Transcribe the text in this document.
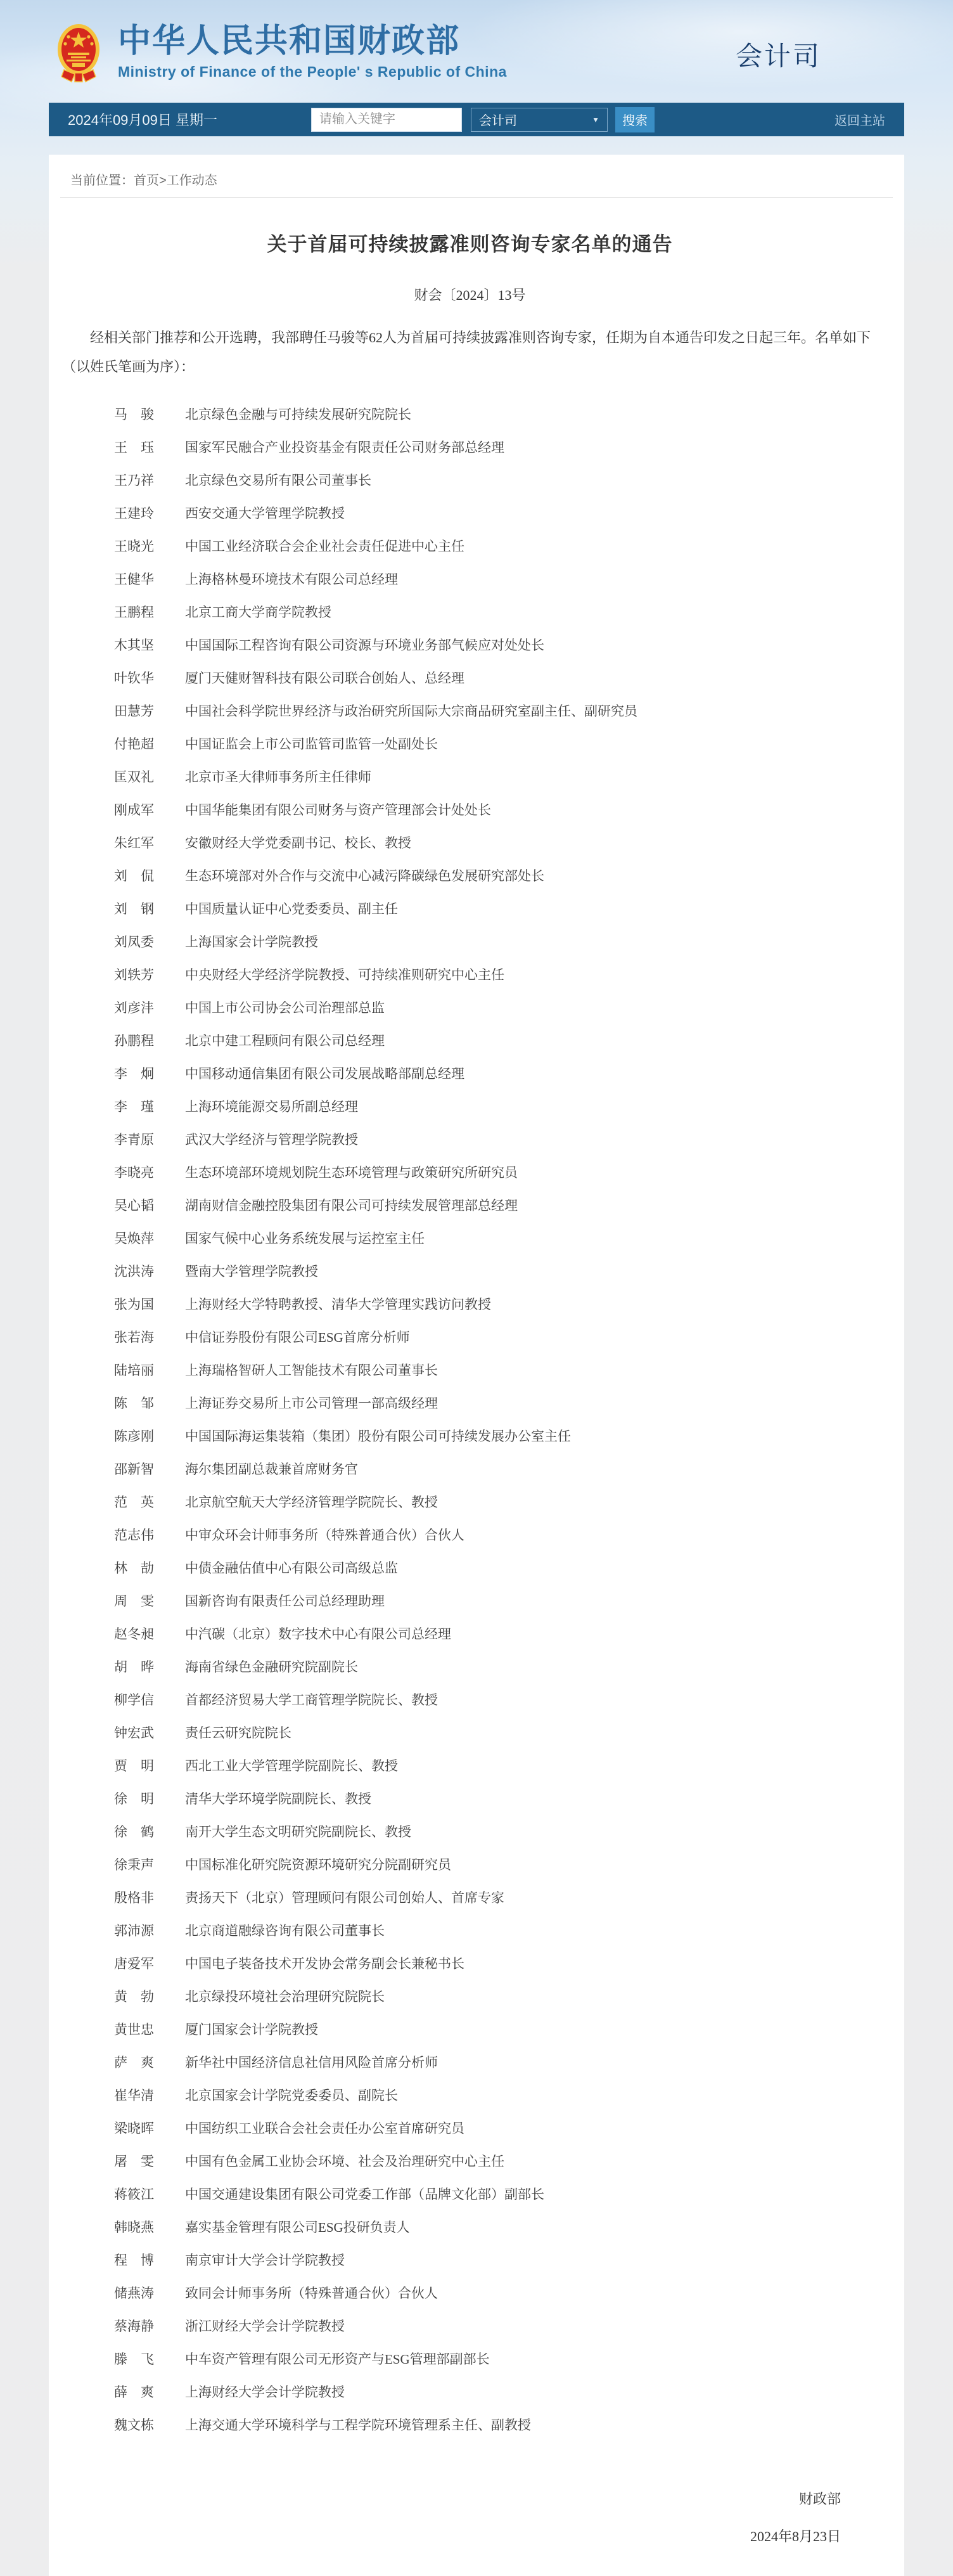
中华人民共和国财政部
Ministry of Finance of the People' s Republic of China
会计司
2024年09月09日 星期一
请输入关键字	会计司	▼	搜索	返回主站
当前位置：首页>工作动态
关于首届可持续披露准则咨询专家名单的通告
财会〔2024〕13号

经相关部门推荐和公开选聘，我部聘任马骏等62人为首届可持续披露准则咨询专家，任期为自本通告印发之日起三年。名单如下（以姓氏笔画为序）：

马　骏	北京绿色金融与可持续发展研究院院长
王　珏	国家军民融合产业投资基金有限责任公司财务部总经理
王乃祥	北京绿色交易所有限公司董事长
王建玲	西安交通大学管理学院教授
王晓光	中国工业经济联合会企业社会责任促进中心主任
王健华	上海格林曼环境技术有限公司总经理
王鹏程	北京工商大学商学院教授
木其坚	中国国际工程咨询有限公司资源与环境业务部气候应对处处长
叶钦华	厦门天健财智科技有限公司联合创始人、总经理
田慧芳	中国社会科学院世界经济与政治研究所国际大宗商品研究室副主任、副研究员
付艳超	中国证监会上市公司监管司监管一处副处长
匡双礼	北京市圣大律师事务所主任律师
刚成军	中国华能集团有限公司财务与资产管理部会计处处长
朱红军	安徽财经大学党委副书记、校长、教授
刘　侃	生态环境部对外合作与交流中心减污降碳绿色发展研究部处长
刘　钢	中国质量认证中心党委委员、副主任
刘凤委	上海国家会计学院教授
刘轶芳	中央财经大学经济学院教授、可持续准则研究中心主任
刘彦沣	中国上市公司协会公司治理部总监
孙鹏程	北京中建工程顾问有限公司总经理
李　炯	中国移动通信集团有限公司发展战略部副总经理
李　瑾	上海环境能源交易所副总经理
李青原	武汉大学经济与管理学院教授
李晓亮	生态环境部环境规划院生态环境管理与政策研究所研究员
吴心韬	湖南财信金融控股集团有限公司可持续发展管理部总经理
吴焕萍	国家气候中心业务系统发展与运控室主任
沈洪涛	暨南大学管理学院教授
张为国	上海财经大学特聘教授、清华大学管理实践访问教授
张若海	中信证券股份有限公司ESG首席分析师
陆培丽	上海瑞格智研人工智能技术有限公司董事长
陈　邹	上海证券交易所上市公司管理一部高级经理
陈彦刚	中国国际海运集装箱（集团）股份有限公司可持续发展办公室主任
邵新智	海尔集团副总裁兼首席财务官
范　英	北京航空航天大学经济管理学院院长、教授
范志伟	中审众环会计师事务所（特殊普通合伙）合伙人
林　劼	中债金融估值中心有限公司高级总监
周　雯	国新咨询有限责任公司总经理助理
赵冬昶	中汽碳（北京）数字技术中心有限公司总经理
胡　晔	海南省绿色金融研究院副院长
柳学信	首都经济贸易大学工商管理学院院长、教授
钟宏武	责任云研究院院长
贾　明	西北工业大学管理学院副院长、教授
徐　明	清华大学环境学院副院长、教授
徐　鹤	南开大学生态文明研究院副院长、教授
徐秉声	中国标准化研究院资源环境研究分院副研究员
殷格非	责扬天下（北京）管理顾问有限公司创始人、首席专家
郭沛源	北京商道融绿咨询有限公司董事长
唐爱军	中国电子装备技术开发协会常务副会长兼秘书长
黄　勃	北京绿投环境社会治理研究院院长
黄世忠	厦门国家会计学院教授
萨　爽	新华社中国经济信息社信用风险首席分析师
崔华清	北京国家会计学院党委委员、副院长
梁晓晖	中国纺织工业联合会社会责任办公室首席研究员
屠　雯	中国有色金属工业协会环境、社会及治理研究中心主任
蒋筱江	中国交通建设集团有限公司党委工作部（品牌文化部）副部长
韩晓燕	嘉实基金管理有限公司ESG投研负责人
程　博	南京审计大学会计学院教授
储燕涛	致同会计师事务所（特殊普通合伙）合伙人
蔡海静	浙江财经大学会计学院教授
滕　飞	中车资产管理有限公司无形资产与ESG管理部副部长
薛　爽	上海财经大学会计学院教授
魏文栋	上海交通大学环境科学与工程学院环境管理系主任、副教授
财政部
2024年8月23日
